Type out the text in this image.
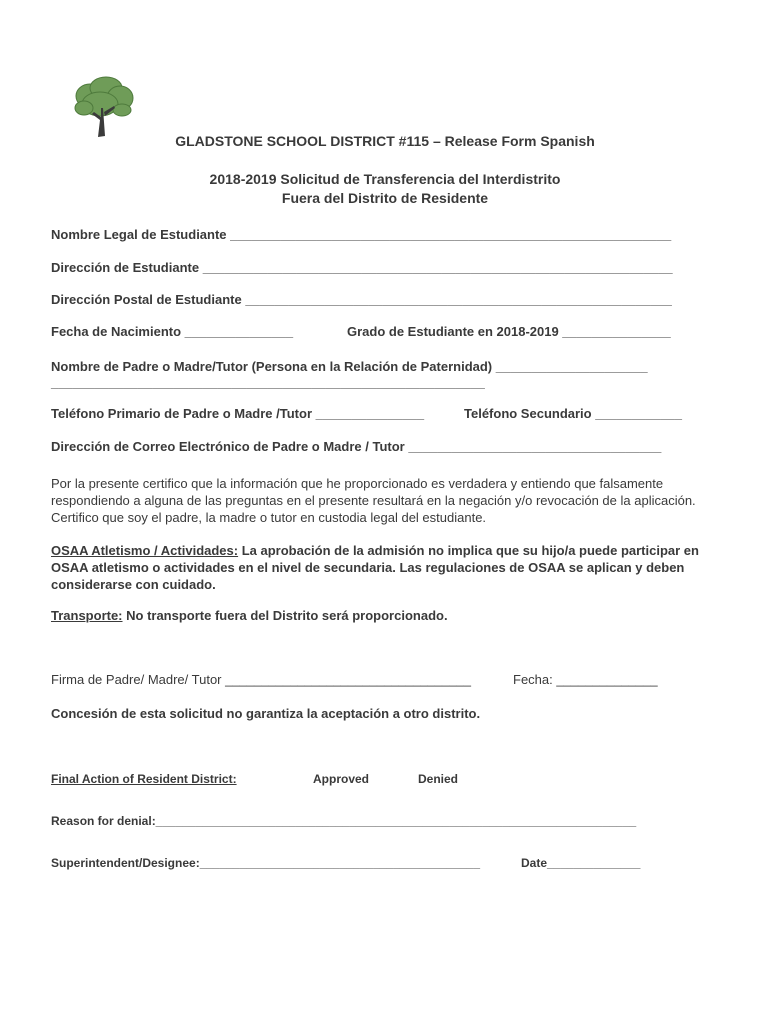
GLADSTONE SCHOOL DISTRICT #115 – Release Form Spanish
2018-2019 Solicitud de Transferencia del Interdistrito
Fuera del Distrito de Residente
Nombre Legal de Estudiante _____________________________________________________________
Dirección de Estudiante _________________________________________________________________
Dirección Postal de Estudiante ___________________________________________________________
Fecha de Nacimiento _______________	Grado de Estudiante en 2018-2019 _______________
Nombre de Padre o Madre/Tutor (Persona en la Relación de Paternidad) _____________________
____________________________________________________________
Teléfono Primario de Padre o Madre /Tutor _______________	Teléfono Secundario ____________
Dirección de Correo Electrónico de Padre o Madre / Tutor ___________________________________
Por la presente certifico que la información que he proporcionado es verdadera y entiendo que falsamente respondiendo a alguna de las preguntas en el presente resultará en la negación y/o revocación de la aplicación. Certifico que soy el padre, la madre o tutor en custodia legal del estudiante.
OSAA Atletismo / Actividades: La aprobación de la admisión no implica que su hijo/a puede participar en OSAA atletismo o actividades en el nivel de secundaria. Las regulaciones de OSAA se aplican y deben considerarse con cuidado.
Transporte: No transporte fuera del Distrito será proporcionado.
Firma de Padre/ Madre/ Tutor __________________________________	Fecha: ______________
Concesión de esta solicitud no garantiza la aceptación a otro distrito.
Final Action of Resident District:	Approved	Denied
Reason for denial:________________________________________________________________________
Superintendent/Designee:__________________________________________	Date______________
